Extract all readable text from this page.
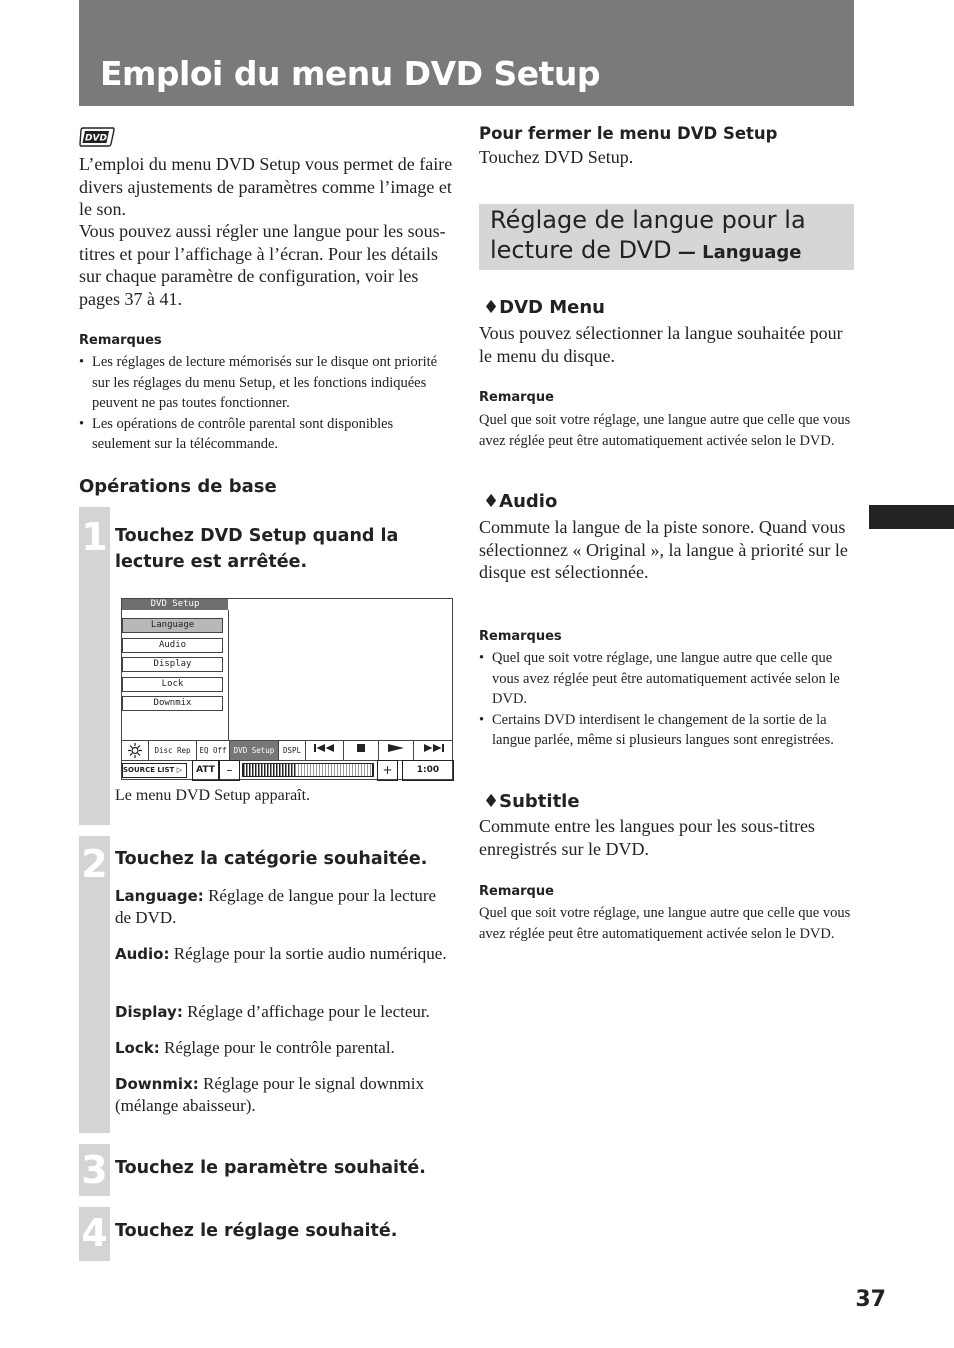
Emploi du menu DVD Setup
DVD
L’emploi du menu DVD Setup vous permet de faire divers ajustements de paramètres comme l’image et le son.
Vous pouvez aussi régler une langue pour les sous-titres et pour l’affichage à l’écran. Pour les détails sur chaque paramètre de configuration, voir les pages 37 à 41.
Remarques
• Les réglages de lecture mémorisés sur le disque ont priorité sur les réglages du menu Setup, et les fonctions indiquées peuvent ne pas toutes fonctionner.
• Les opérations de contrôle parental sont disponibles seulement sur la télécommande.
Opérations de base
1 Touchez DVD Setup quand la lecture est arrêtée.
DVD Setup
Language
Audio
Display
Lock
Downmix
Disc Rep	EQ Off DVD Setup	DSPL
SOURCE LIST ▷	ATT –	+	1:00
Le menu DVD Setup apparaît.
2 Touchez la catégorie souhaitée.
Language: Réglage de langue pour la lecture de DVD.
Audio: Réglage pour la sortie audio numérique.
Display: Réglage d’affichage pour le lecteur.
Lock: Réglage pour le contrôle parental.
Downmix: Réglage pour le signal downmix (mélange abaisseur).
3 Touchez le paramètre souhaité.
4 Touchez le réglage souhaité.
Pour fermer le menu DVD Setup
Touchez DVD Setup.
Réglage de langue pour la
lecture de DVD — Language
♦DVD Menu
Vous pouvez sélectionner la langue souhaitée pour le menu du disque.
Remarque
Quel que soit votre réglage, une langue autre que celle que vous avez réglée peut être automatiquement activée selon le DVD.
♦Audio
Commute la langue de la piste sonore. Quand vous sélectionnez « Original », la langue à priorité sur le disque est sélectionnée.
Remarques
• Quel que soit votre réglage, une langue autre que celle que vous avez réglée peut être automatiquement activée selon le DVD.
• Certains DVD interdisent le changement de la sortie de la langue parlée, même si plusieurs langues sont enregistrées.
♦Subtitle
Commute entre les langues pour les sous-titres enregistrés sur le DVD.
Remarque
Quel que soit votre réglage, une langue autre que celle que vous avez réglée peut être automatiquement activée selon le DVD.
37
